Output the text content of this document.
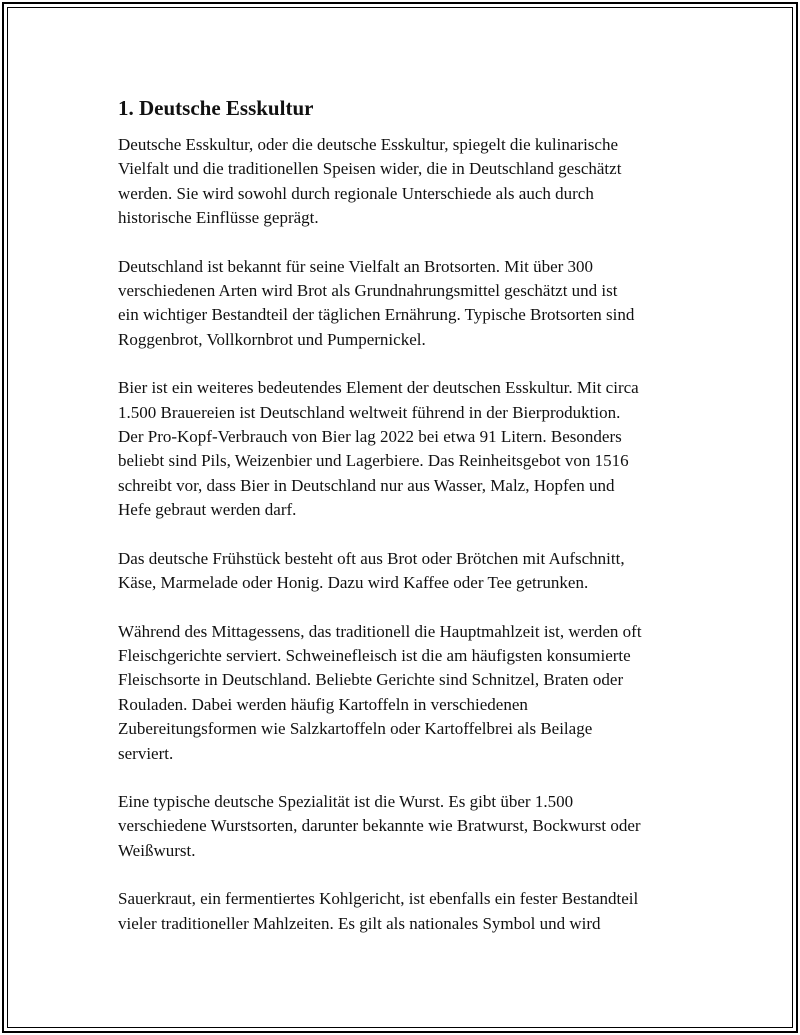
1. Deutsche Esskultur
Deutsche Esskultur, oder die deutsche Esskultur, spiegelt die kulinarische
Vielfalt und die traditionellen Speisen wider, die in Deutschland geschätzt
werden. Sie wird sowohl durch regionale Unterschiede als auch durch
historische Einflüsse geprägt.
Deutschland ist bekannt für seine Vielfalt an Brotsorten. Mit über 300
verschiedenen Arten wird Brot als Grundnahrungsmittel geschätzt und ist
ein wichtiger Bestandteil der täglichen Ernährung. Typische Brotsorten sind
Roggenbrot, Vollkornbrot und Pumpernickel.
Bier ist ein weiteres bedeutendes Element der deutschen Esskultur. Mit circa
1.500 Brauereien ist Deutschland weltweit führend in der Bierproduktion.
Der Pro-Kopf-Verbrauch von Bier lag 2022 bei etwa 91 Litern. Besonders
beliebt sind Pils, Weizenbier und Lagerbiere. Das Reinheitsgebot von 1516
schreibt vor, dass Bier in Deutschland nur aus Wasser, Malz, Hopfen und
Hefe gebraut werden darf.
Das deutsche Frühstück besteht oft aus Brot oder Brötchen mit Aufschnitt,
Käse, Marmelade oder Honig. Dazu wird Kaffee oder Tee getrunken.
Während des Mittagessens, das traditionell die Hauptmahlzeit ist, werden oft
Fleischgerichte serviert. Schweinefleisch ist die am häufigsten konsumierte
Fleischsorte in Deutschland. Beliebte Gerichte sind Schnitzel, Braten oder
Rouladen. Dabei werden häufig Kartoffeln in verschiedenen
Zubereitungsformen wie Salzkartoffeln oder Kartoffelbrei als Beilage
serviert.
Eine typische deutsche Spezialität ist die Wurst. Es gibt über 1.500
verschiedene Wurstsorten, darunter bekannte wie Bratwurst, Bockwurst oder
Weißwurst.
Sauerkraut, ein fermentiertes Kohlgericht, ist ebenfalls ein fester Bestandteil
vieler traditioneller Mahlzeiten. Es gilt als nationales Symbol und wird
